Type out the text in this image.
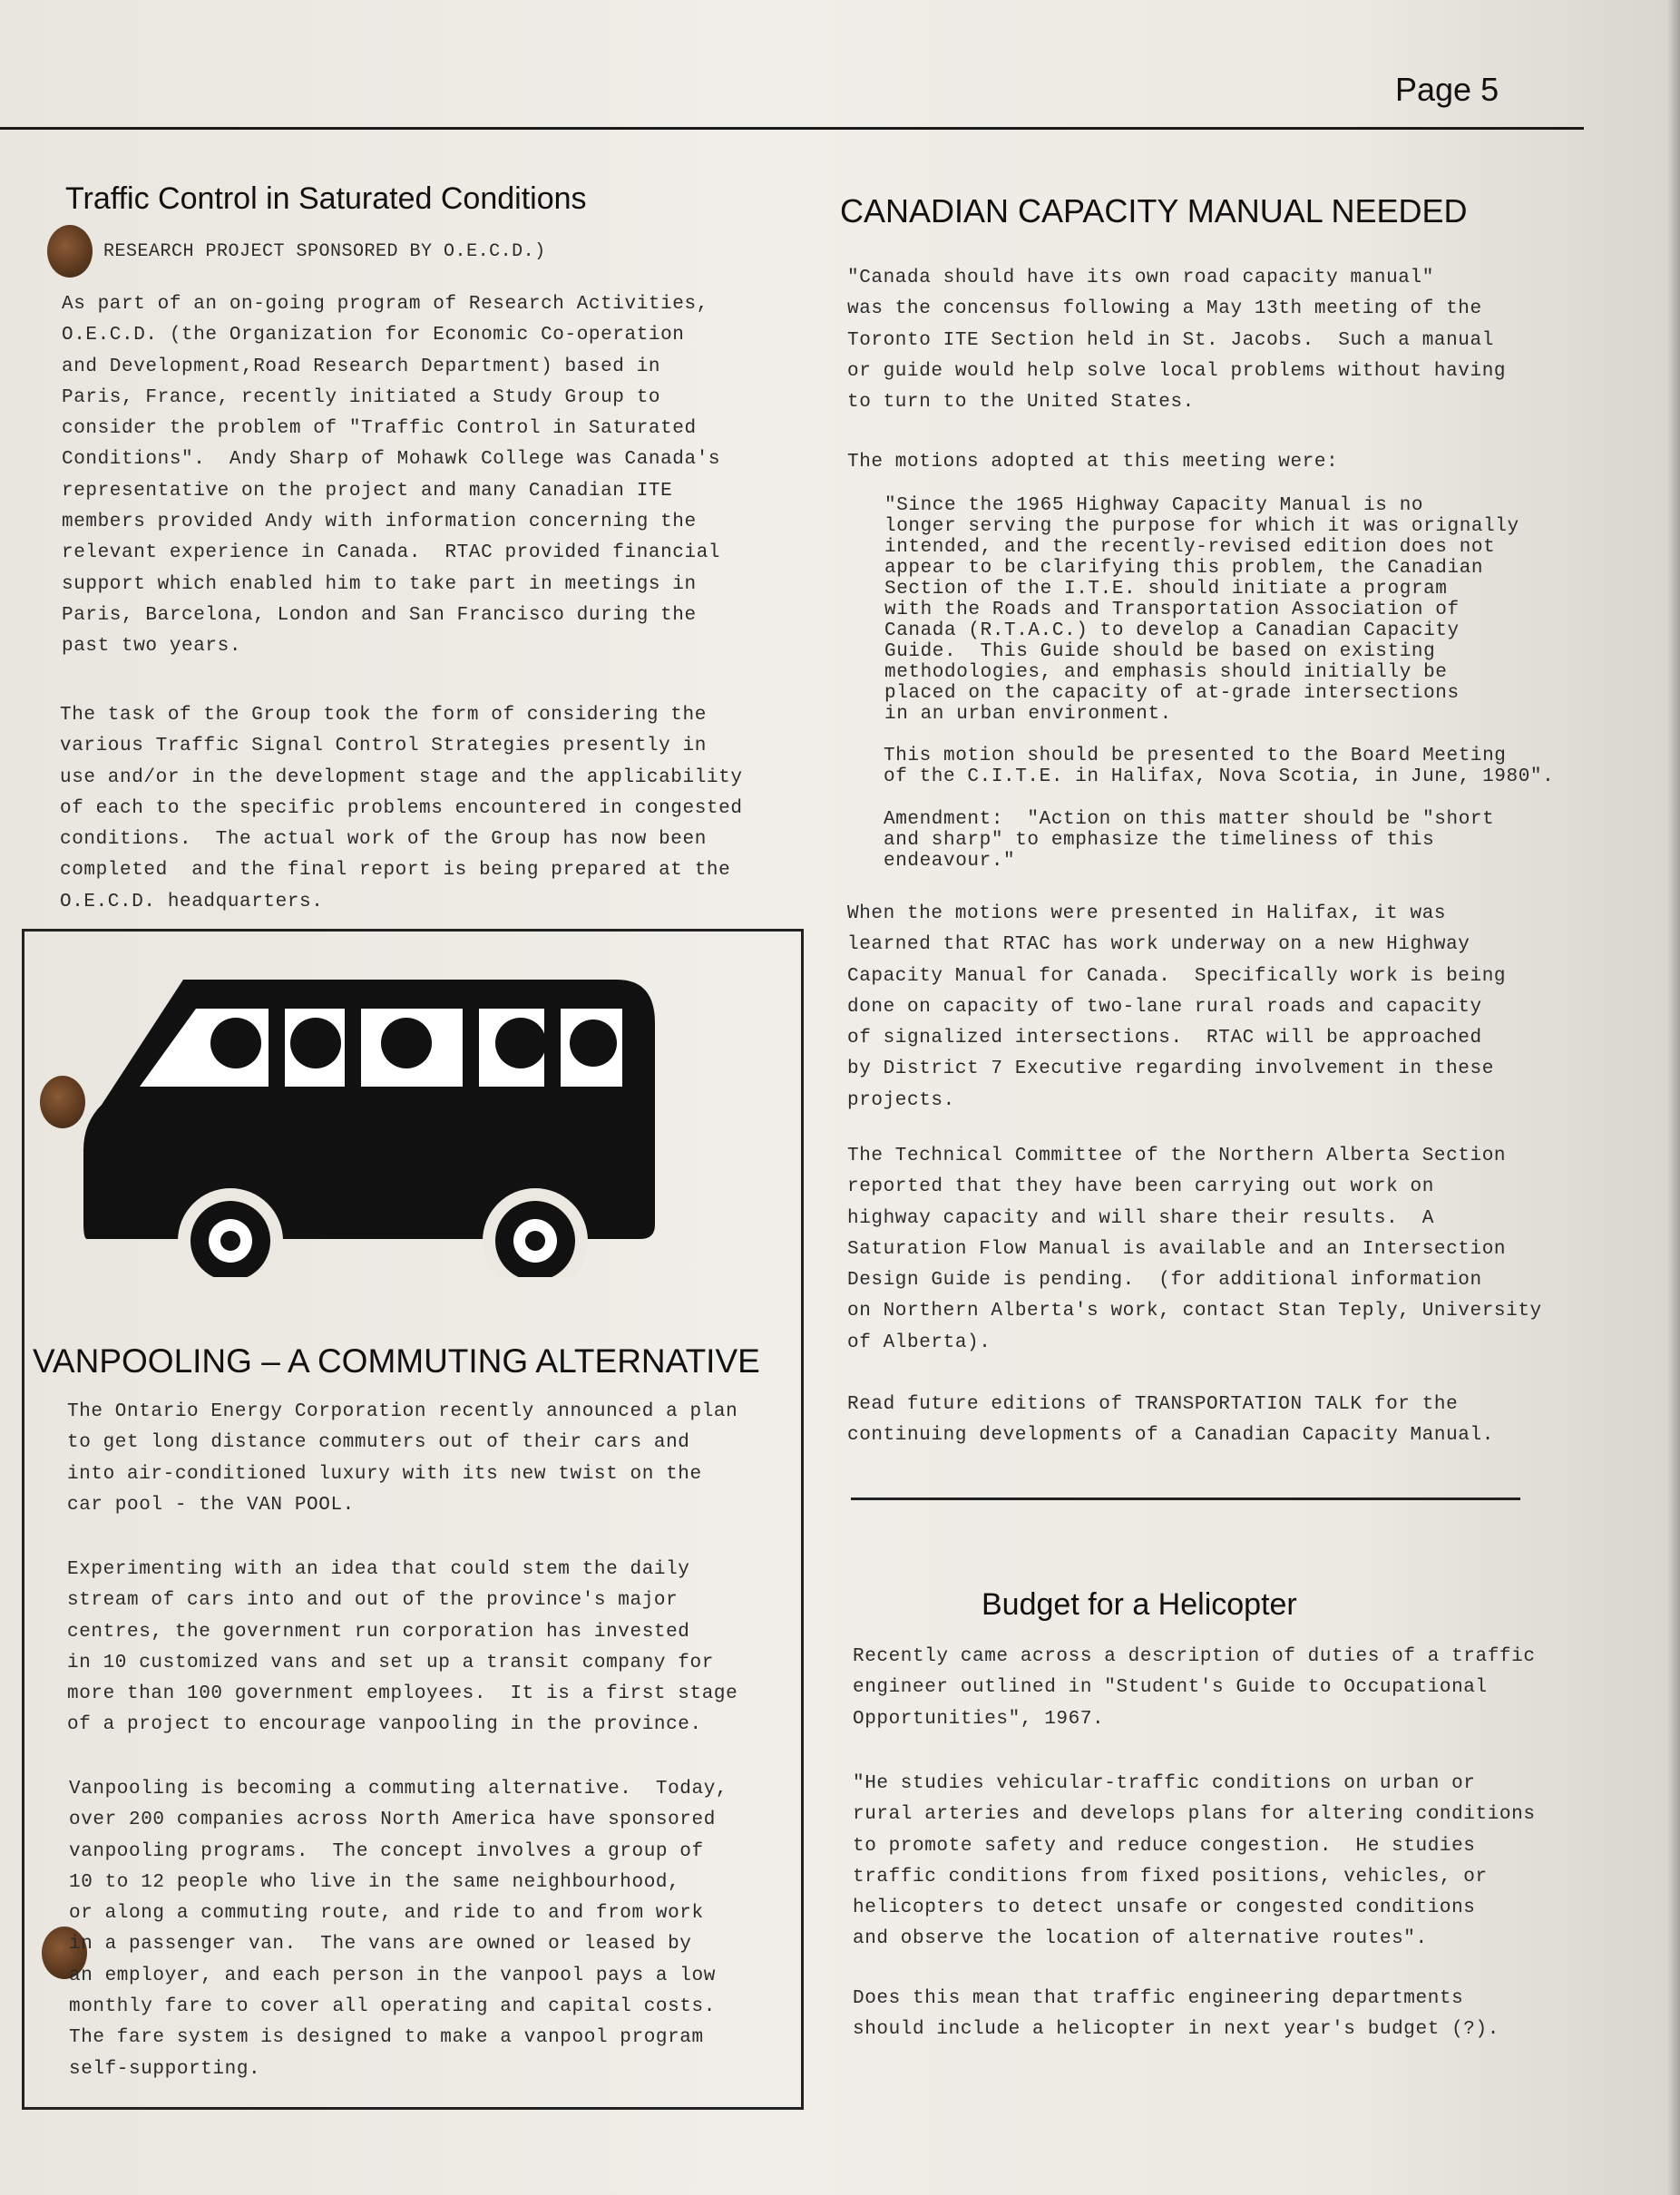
Page 5
Traffic Control in Saturated Conditions
RESEARCH PROJECT SPONSORED BY O.E.C.D.)
As part of an on-going program of Research Activities,
O.E.C.D. (the Organization for Economic Co-operation
and Development,Road Research Department) based in
Paris, France, recently initiated a Study Group to
consider the problem of "Traffic Control in Saturated
Conditions".  Andy Sharp of Mohawk College was Canada's
representative on the project and many Canadian ITE
members provided Andy with information concerning the
relevant experience in Canada.  RTAC provided financial
support which enabled him to take part in meetings in
Paris, Barcelona, London and San Francisco during the
past two years.
The task of the Group took the form of considering the
various Traffic Signal Control Strategies presently in
use and/or in the development stage and the applicability
of each to the specific problems encountered in congested
conditions.  The actual work of the Group has now been
completed  and the final report is being prepared at the
O.E.C.D. headquarters.
VANPOOLING – A COMMUTING ALTERNATIVE
The Ontario Energy Corporation recently announced a plan
to get long distance commuters out of their cars and
into air-conditioned luxury with its new twist on the
car pool - the VAN POOL.
Experimenting with an idea that could stem the daily
stream of cars into and out of the province's major
centres, the government run corporation has invested
in 10 customized vans and set up a transit company for
more than 100 government employees.  It is a first stage
of a project to encourage vanpooling in the province.
Vanpooling is becoming a commuting alternative.  Today,
over 200 companies across North America have sponsored
vanpooling programs.  The concept involves a group of
10 to 12 people who live in the same neighbourhood,
or along a commuting route, and ride to and from work
in a passenger van.  The vans are owned or leased by
an employer, and each person in the vanpool pays a low
monthly fare to cover all operating and capital costs.
The fare system is designed to make a vanpool program
self-supporting.
CANADIAN CAPACITY MANUAL NEEDED
"Canada should have its own road capacity manual"
was the concensus following a May 13th meeting of the
Toronto ITE Section held in St. Jacobs.  Such a manual
or guide would help solve local problems without having
to turn to the United States.
The motions adopted at this meeting were:
"Since the 1965 Highway Capacity Manual is no
longer serving the purpose for which it was orignally
intended, and the recently-revised edition does not
appear to be clarifying this problem, the Canadian
Section of the I.T.E. should initiate a program
with the Roads and Transportation Association of
Canada (R.T.A.C.) to develop a Canadian Capacity
Guide.  This Guide should be based on existing
methodologies, and emphasis should initially be
placed on the capacity of at-grade intersections
in an urban environment.
This motion should be presented to the Board Meeting
of the C.I.T.E. in Halifax, Nova Scotia, in June, 1980".
Amendment:  "Action on this matter should be "short
and sharp" to emphasize the timeliness of this
endeavour."
When the motions were presented in Halifax, it was
learned that RTAC has work underway on a new Highway
Capacity Manual for Canada.  Specifically work is being
done on capacity of two-lane rural roads and capacity
of signalized intersections.  RTAC will be approached
by District 7 Executive regarding involvement in these
projects.
The Technical Committee of the Northern Alberta Section
reported that they have been carrying out work on
highway capacity and will share their results.  A
Saturation Flow Manual is available and an Intersection
Design Guide is pending.  (for additional information
on Northern Alberta's work, contact Stan Teply, University
of Alberta).
Read future editions of TRANSPORTATION TALK for the
continuing developments of a Canadian Capacity Manual.
Budget for a Helicopter
Recently came across a description of duties of a traffic
engineer outlined in "Student's Guide to Occupational
Opportunities", 1967.
"He studies vehicular-traffic conditions on urban or
rural arteries and develops plans for altering conditions
to promote safety and reduce congestion.  He studies
traffic conditions from fixed positions, vehicles, or
helicopters to detect unsafe or congested conditions
and observe the location of alternative routes".
Does this mean that traffic engineering departments
should include a helicopter in next year's budget (?).
